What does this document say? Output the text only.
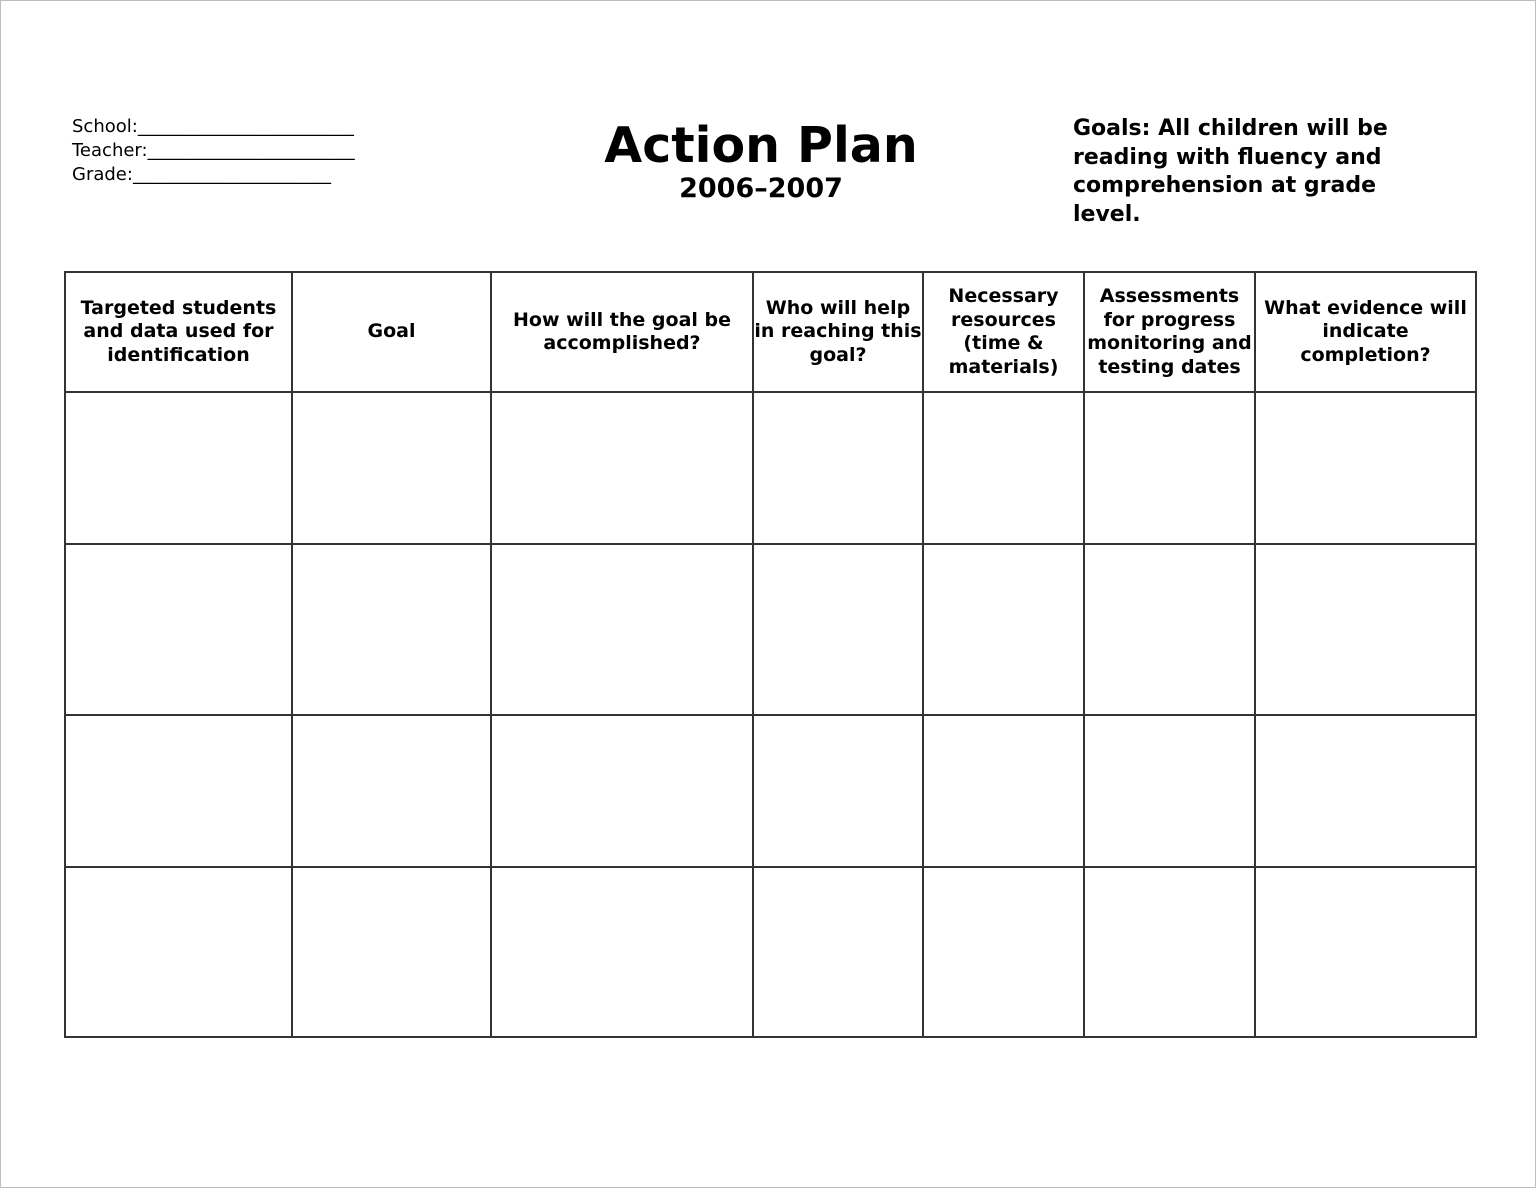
School:________________________
Teacher:_______________________
Grade:______________________
Action Plan
2006–2007
Goals: All children will be reading with fluency and comprehension at grade level.
Targeted students and data used for identification	Goal	How will the goal be accomplished?	Who will help in reaching this goal?	Necessary resources (time & materials)	Assessments for progress monitoring and testing dates	What evidence will indicate completion?
